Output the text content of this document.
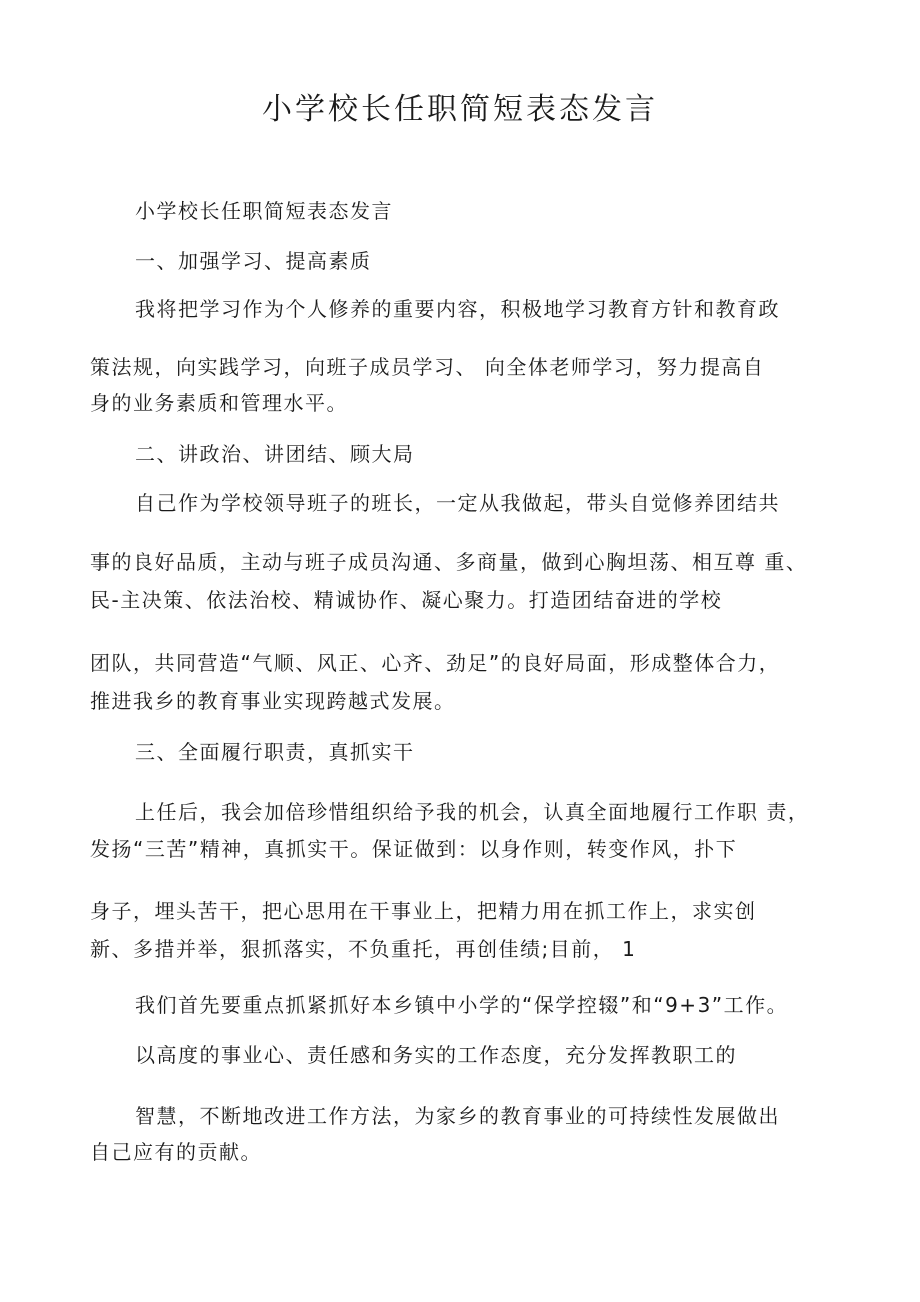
小学校长任职简短表态发言
小学校长任职简短表态发言
一、加强学习、提高素质
我将把学习作为个人修养的重要内容，积极地学习教育方针和教育政
策法规，向实践学习，向班子成员学习、 向全体老师学习，努力提高自
身的业务素质和管理水平。
二、讲政治、讲团结、顾大局
自己作为学校领导班子的班长，一定从我做起，带头自觉修养团结共
事的良好品质，主动与班子成员沟通、多商量，做到心胸坦荡、相互尊 重、
民-主决策、依法治校、精诚协作、凝心聚力。打造团结奋进的学校
团队，共同营造“气顺、风正、心齐、劲足”的良好局面，形成整体合力，
推进我乡的教育事业实现跨越式发展。
三、全面履行职责，真抓实干
上任后，我会加倍珍惜组织给予我的机会，认真全面地履行工作职 责，
发扬“三苦”精神，真抓实干。保证做到：以身作则，转变作风，扑下
身子，埋头苦干，把心思用在干事业上，把精力用在抓工作上，求实创
新、多措并举，狠抓落实，不负重托，再创佳绩;目前， 1
我们首先要重点抓紧抓好本乡镇中小学的“保学控辍”和“9+3”工作。
以高度的事业心、责任感和务实的工作态度，充分发挥教职工的
智慧，不断地改进工作方法，为家乡的教育事业的可持续性发展做出
自己应有的贡献。
